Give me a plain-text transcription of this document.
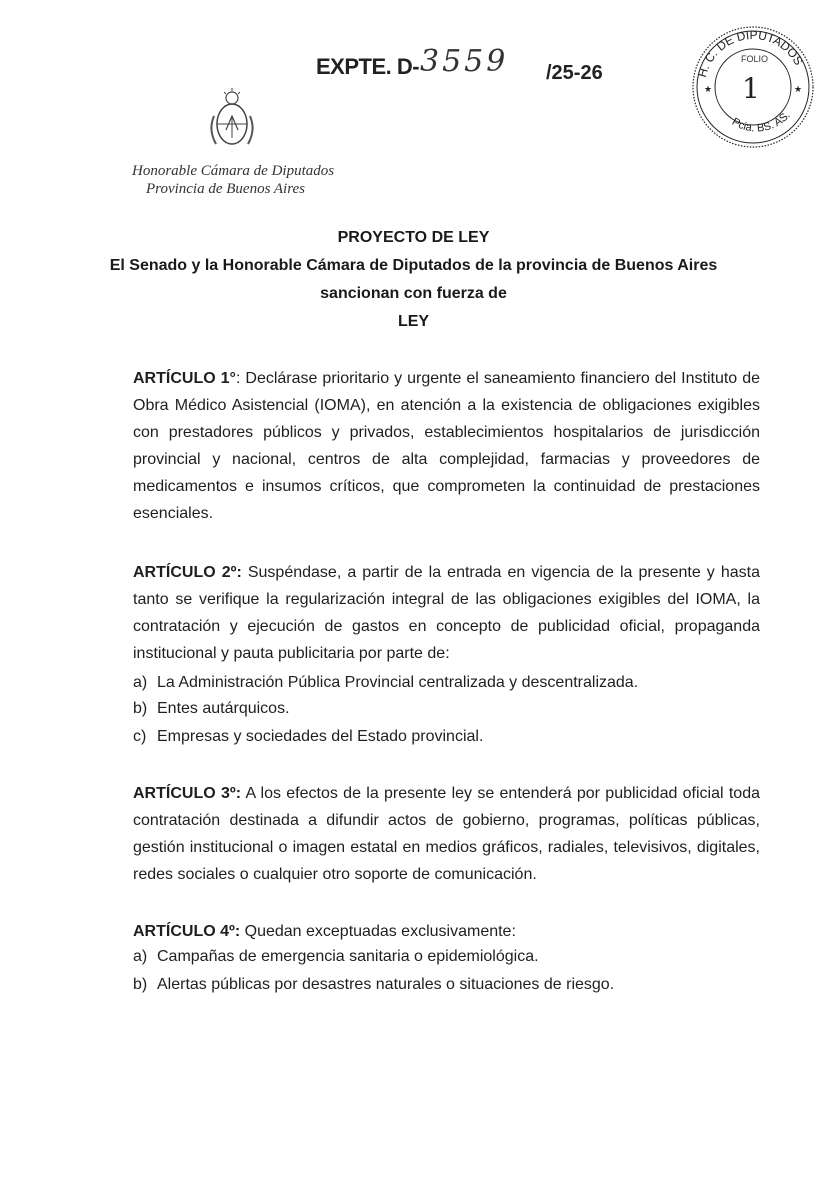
EXPTE. D- 3559 /25-26
Honorable Cámara de Diputados
Provincia de Buenos Aires
H. C. DE DIPUTADOS
Pcia. BS. AS.
★	★
FOLIO
1
PROYECTO DE LEY
El Senado y la Honorable Cámara de Diputados de la provincia de Buenos Aires
sancionan con fuerza de
LEY
ARTÍCULO 1°: Declárase prioritario y urgente el saneamiento financiero del Instituto de Obra Médico Asistencial (IOMA), en atención a la existencia de obligaciones exigibles con prestadores públicos y privados, establecimientos hospitalarios de jurisdicción provincial y nacional, centros de alta complejidad, farmacias y proveedores de medicamentos e insumos críticos, que comprometen la continuidad de prestaciones esenciales.
ARTÍCULO 2º: Suspéndase, a partir de la entrada en vigencia de la presente y hasta tanto se verifique la regularización integral de las obligaciones exigibles del IOMA, la contratación y ejecución de gastos en concepto de publicidad oficial, propaganda institucional y pauta publicitaria por parte de:
a) La Administración Pública Provincial centralizada y descentralizada.
b) Entes autárquicos.
c) Empresas y sociedades del Estado provincial.
ARTÍCULO 3º: A los efectos de la presente ley se entenderá por publicidad oficial toda contratación destinada a difundir actos de gobierno, programas, políticas públicas, gestión institucional o imagen estatal en medios gráficos, radiales, televisivos, digitales, redes sociales o cualquier otro soporte de comunicación.
ARTÍCULO 4º: Quedan exceptuadas exclusivamente:
a) Campañas de emergencia sanitaria o epidemiológica.
b) Alertas públicas por desastres naturales o situaciones de riesgo.
